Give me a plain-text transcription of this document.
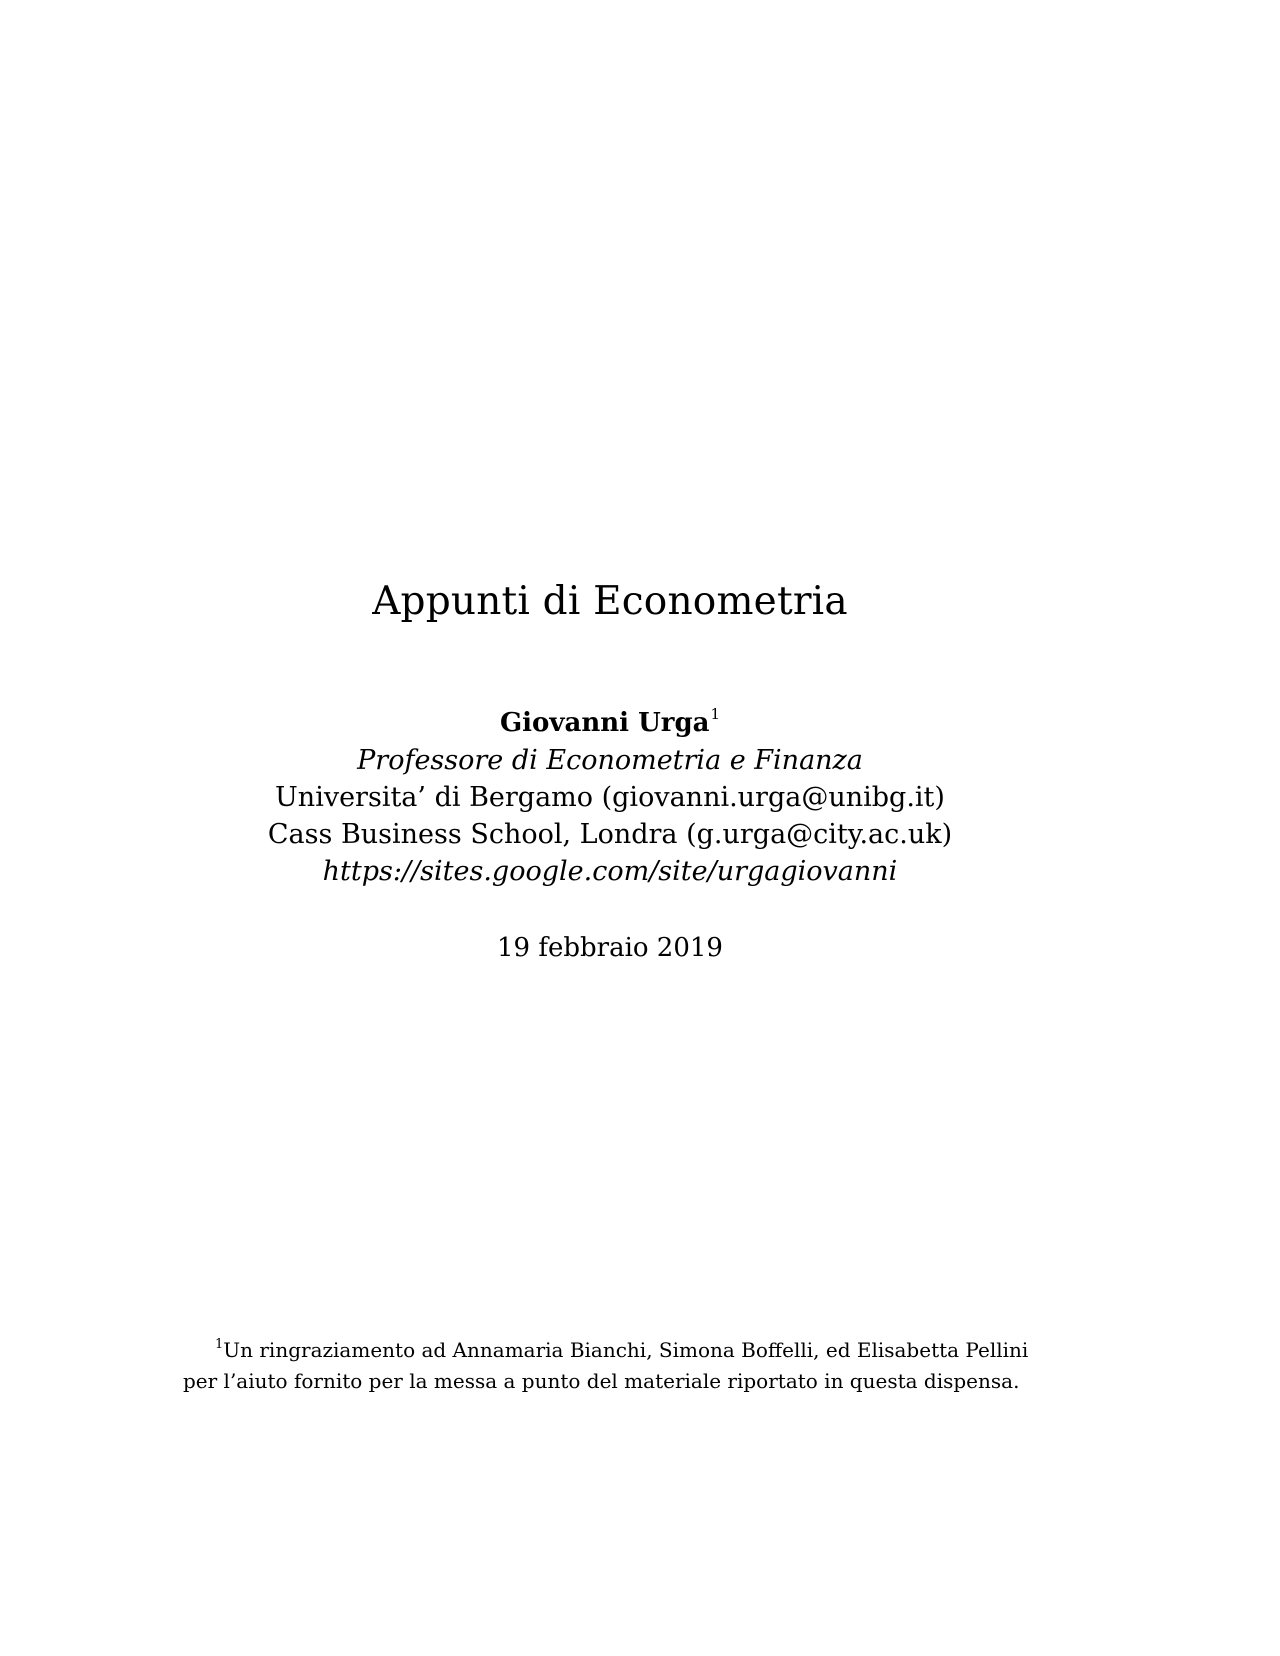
Appunti di Econometria
Giovanni Urga$^1$
Professore di Econometria e Finanza
Universita’ di Bergamo (giovanni.urga@unibg.it)
Cass Business School, Londra (g.urga@city.ac.uk)
https://sites.google.com/site/urgagiovanni
19 febbraio 2019
$^1$Un ringraziamento ad Annamaria Bianchi, Simona Boffelli, ed Elisabetta Pellini
per l’aiuto fornito per la messa a punto del materiale riportato in questa dispensa.
